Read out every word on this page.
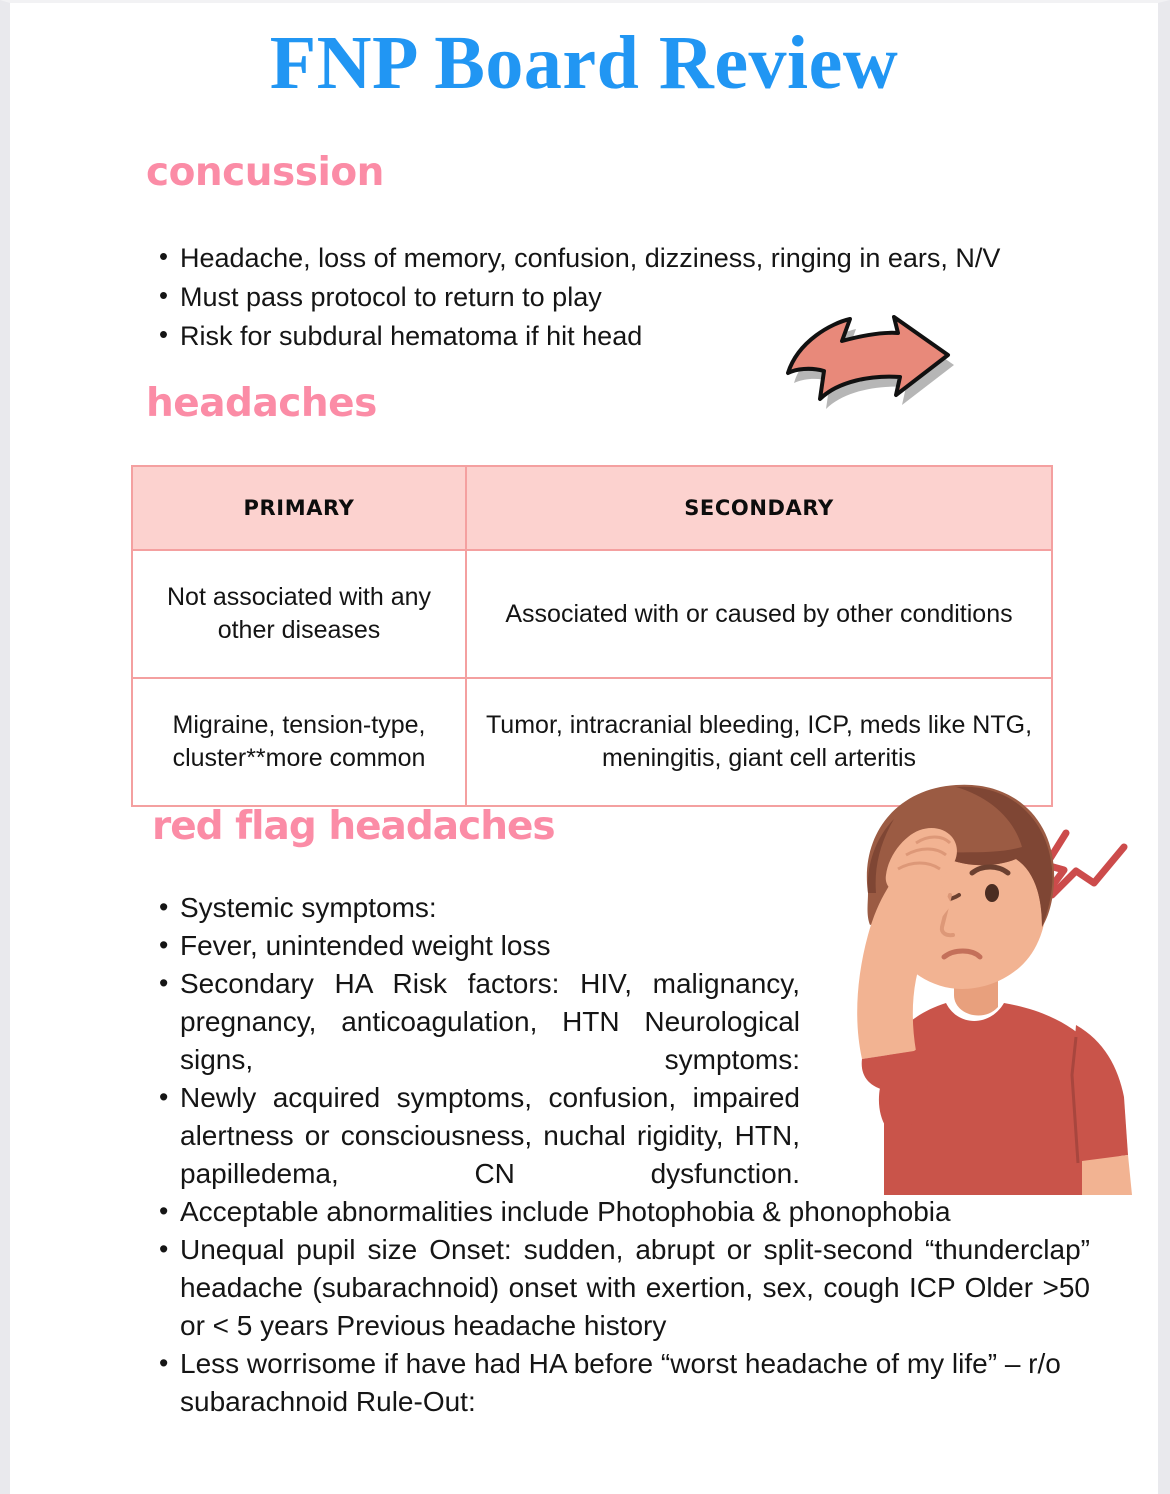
FNP Board Review
concussion
• Headache, loss of memory, confusion, dizziness, ringing in ears, N/V
• Must pass protocol to return to play
• Risk for subdural hematoma if hit head
headaches
PRIMARY	SECONDARY
Not associated with any other diseases	Associated with or caused by other conditions
Migraine, tension-type, cluster**more common	Tumor, intracranial bleeding, ICP, meds like NTG, meningitis, giant cell arteritis
red flag headaches
• Systemic symptoms:
• Fever, unintended weight loss
• Secondary HA Risk factors: HIV, malignancy, pregnancy, anticoagulation, HTN Neurological signs, symptoms:
• Newly acquired symptoms, confusion, impaired alertness or consciousness, nuchal rigidity, HTN, papilledema, CN dysfunction.
• Acceptable abnormalities include Photophobia & phonophobia
• Unequal pupil size Onset: sudden, abrupt or split-second “thunderclap” headache (subarachnoid) onset with exertion, sex, cough ICP Older >50 or < 5 years Previous headache history
• Less worrisome if have had HA before “worst headache of my life” – r/o subarachnoid Rule-Out:
